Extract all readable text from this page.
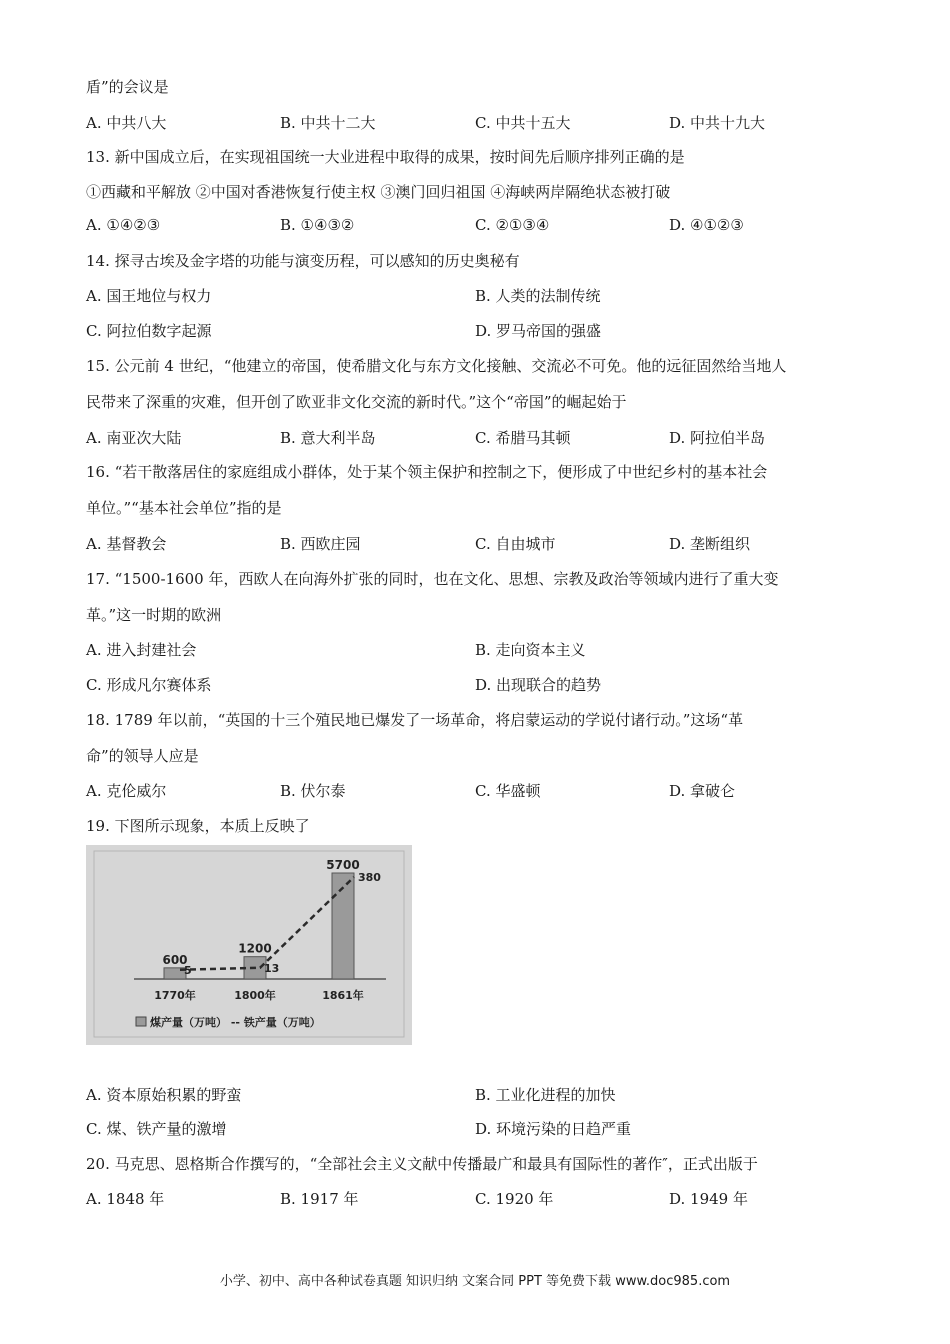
盾”的会议是
A. 中共八大	B. 中共十二大	C. 中共十五大	D. 中共十九大
13. 新中国成立后，在实现祖国统一大业进程中取得的成果，按时间先后顺序排列正确的是
①西藏和平解放 ②中国对香港恢复行使主权 ③澳门回归祖国 ④海峡两岸隔绝状态被打破
A. ①④②③	B. ①④③②	C. ②①③④	D. ④①②③
14. 探寻古埃及金字塔的功能与演变历程，可以感知的历史奥秘有
A. 国王地位与权力	B. 人类的法制传统
C. 阿拉伯数字起源	D. 罗马帝国的强盛
15. 公元前 4 世纪，“他建立的帝国，使希腊文化与东方文化接触、交流必不可免。他的远征固然给当地人
民带来了深重的灾难，但开创了欧亚非文化交流的新时代。”这个“帝国”的崛起始于
A. 南亚次大陆	B. 意大利半岛	C. 希腊马其顿	D. 阿拉伯半岛
16. “若干散落居住的家庭组成小群体，处于某个领主保护和控制之下，便形成了中世纪乡村的基本社会
单位。”“基本社会单位”指的是
A. 基督教会	B. 西欧庄园	C. 自由城市	D. 垄断组织
17. “1500-1600 年，西欧人在向海外扩张的同时，也在文化、思想、宗教及政治等领域内进行了重大变
革。”这一时期的欧洲
A. 进入封建社会	B. 走向资本主义
C. 形成凡尔赛体系	D. 出现联合的趋势
18. 1789 年以前，“英国的十三个殖民地已爆发了一场革命，将启蒙运动的学说付诸行动。”这场“革
命”的领导人应是
A. 克伦威尔	B. 伏尔泰	C. 华盛顿	D. 拿破仑
19. 下图所示现象，本质上反映了
600
1770年
1200
1800年
5700
1861年
5	13
380
煤产量（万吨） -- 铁产量（万吨）
A. 资本原始积累的野蛮	B. 工业化进程的加快
C. 煤、铁产量的激增	D. 环境污染的日趋严重
20. 马克思、恩格斯合作撰写的，“全部社会主义文献中传播最广和最具有国际性的著作″，正式出版于
A. 1848 年	B. 1917 年	C. 1920 年	D. 1949 年
小学、初中、高中各种试卷真题 知识归纳 文案合同 PPT 等免费下载 www.doc985.com
